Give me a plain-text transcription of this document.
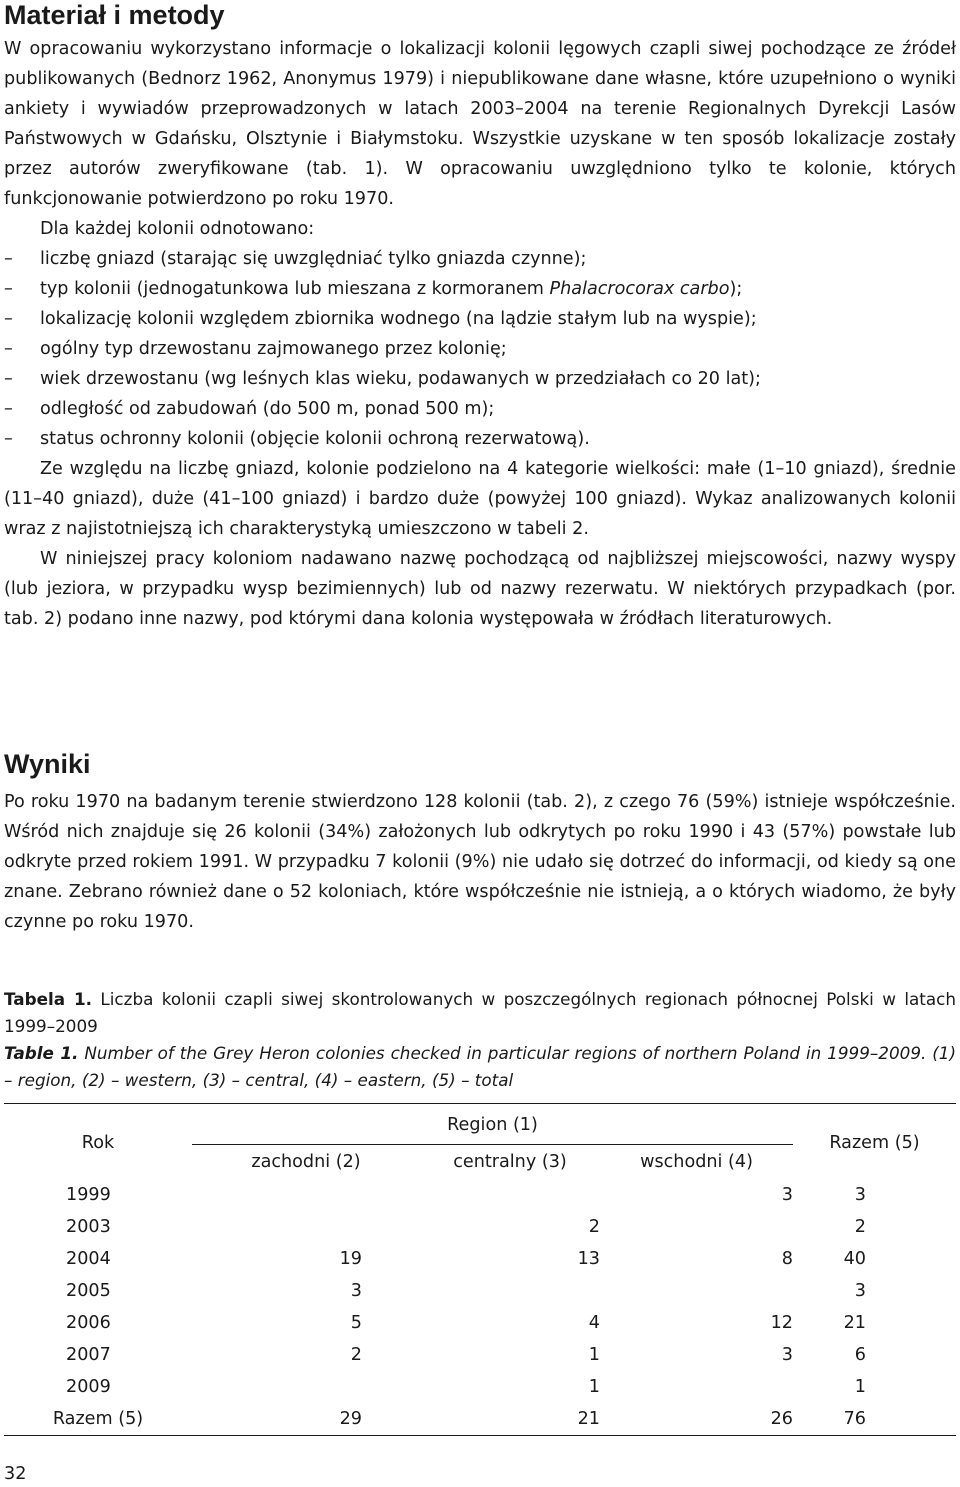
Materiał i metody

W opracowaniu wykorzystano informacje o lokalizacji kolonii lęgowych czapli siwej pochodzące ze źródeł publikowanych (Bednorz 1962, Anonymus 1979) i niepublikowane dane własne, które uzupełniono o wyniki ankiety i wywiadów przeprowadzonych w latach 2003–2004 na terenie Regionalnych Dyrekcji Lasów Państwowych w Gdańsku, Olsztynie i Białymstoku. Wszystkie uzyskane w ten sposób lokalizacje zostały przez autorów zweryfikowane (tab. 1). W opracowaniu uwzględniono tylko te kolonie, których funkcjonowanie potwierdzono po roku 1970.

Dla każdej kolonii odnotowano:

– liczbę gniazd (starając się uwzględniać tylko gniazda czynne);
– typ kolonii (jednogatunkowa lub mieszana z kormoranem Phalacrocorax carbo);
– lokalizację kolonii względem zbiornika wodnego (na lądzie stałym lub na wyspie);
– ogólny typ drzewostanu zajmowanego przez kolonię;
– wiek drzewostanu (wg leśnych klas wieku, podawanych w przedziałach co 20 lat);
– odległość od zabudowań (do 500 m, ponad 500 m);
– status ochronny kolonii (objęcie kolonii ochroną rezerwatową).

Ze względu na liczbę gniazd, kolonie podzielono na 4 kategorie wielkości: małe (1–10 gniazd), średnie (11–40 gniazd), duże (41–100 gniazd) i bardzo duże (powyżej 100 gniazd). Wykaz analizowanych kolonii wraz z najistotniejszą ich charakterystyką umieszczono w tabeli 2.

W niniejszej pracy koloniom nadawano nazwę pochodzącą od najbliższej miejscowości, nazwy wyspy (lub jeziora, w przypadku wysp bezimiennych) lub od nazwy rezerwatu. W niektórych przypadkach (por. tab. 2) podano inne nazwy, pod którymi dana kolonia występowała w źródłach literaturowych.

Wyniki

Po roku 1970 na badanym terenie stwierdzono 128 kolonii (tab. 2), z czego 76 (59%) istnieje współcześnie. Wśród nich znajduje się 26 kolonii (34%) założonych lub odkrytych po roku 1990 i 43 (57%) powstałe lub odkryte przed rokiem 1991. W przypadku 7 kolonii (9%) nie udało się dotrzeć do informacji, od kiedy są one znane. Zebrano również dane o 52 koloniach, które współcześnie nie istnieją, a o których wiadomo, że były czynne po roku 1970.

Tabela 1. Liczba kolonii czapli siwej skontrolowanych w poszczególnych regionach północnej Polski w latach 1999–2009

Table 1. Number of the Grey Heron colonies checked in particular regions of northern Poland in 1999–2009. (1) – region, (2) – western, (3) – central, (4) – eastern, (5) – total

Rok	Region (1)			Razem (5)
	zachodni (2)	centralny (3)	wschodni (4)	
1999			3	3
2003		2		2
2004	19	13	8	40
2005	3			3
2006	5	4	12	21
2007	2	1	3	6
2009		1		1
Razem (5)	29	21	26	76
32
